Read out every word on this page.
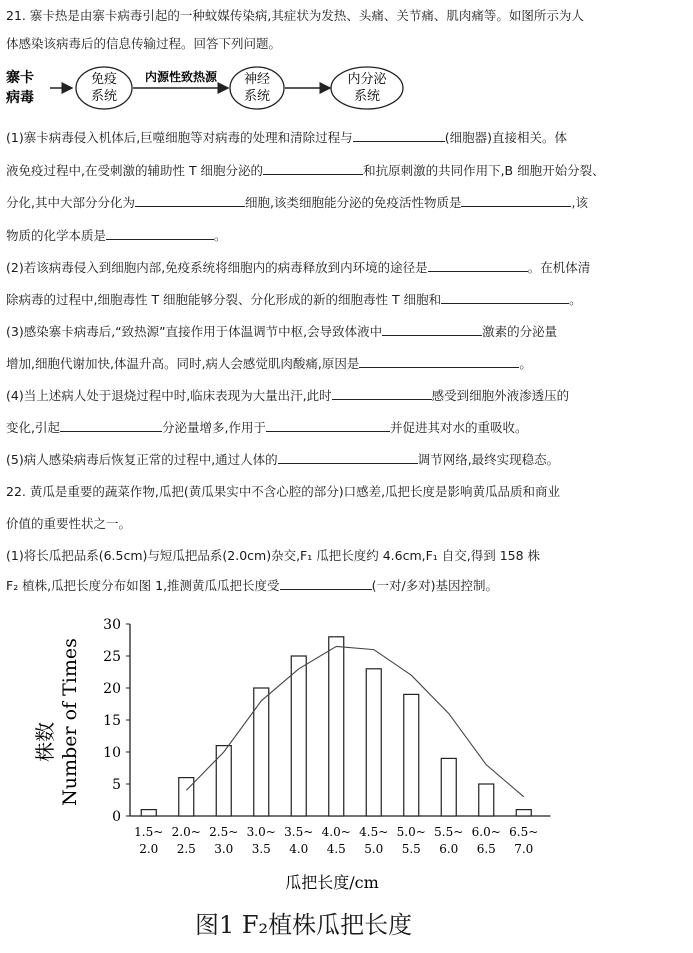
21. 寨卡热是由寨卡病毒引起的一种蚊媒传染病,其症状为发热、头痛、关节痛、肌肉痛等。如图所示为人
体感染该病毒后的信息传输过程。回答下列问题。
寨卡
病毒
免疫
系统
内源性致热源 神经
系统
内分泌
系统
(1)寨卡病毒侵入机体后,巨噬细胞等对病毒的处理和清除过程与	(细胞器)直接相关。体
液免疫过程中,在受刺激的辅助性 T 细胞分泌的	和抗原刺激的共同作用下,B 细胞开始分裂、
分化,其中大部分分化为	细胞,该类细胞能分泌的免疫活性物质是	,该
物质的化学本质是	。
(2)若该病毒侵入到细胞内部,免疫系统将细胞内的病毒释放到内环境的途径是	。在机体清
除病毒的过程中,细胞毒性 T 细胞能够分裂、分化形成的新的细胞毒性 T 细胞和	。
(3)感染寨卡病毒后,“致热源”直接作用于体温调节中枢,会导致体液中	激素的分泌量
增加,细胞代谢加快,体温升高。同时,病人会感觉肌肉酸痛,原因是	。
(4)当上述病人处于退烧过程中时,临床表现为大量出汗,此时	感受到细胞外液渗透压的
变化,引起	分泌量增多,作用于	并促进其对水的重吸收。
(5)病人感染病毒后恢复正常的过程中,通过人体的	调节网络,最终实现稳态。
22. 黄瓜是重要的蔬菜作物,瓜把(黄瓜果实中不含心腔的部分)口感差,瓜把长度是影响黄瓜品质和商业
价值的重要性状之一。
(1)将长瓜把品系(6.5cm)与短瓜把品系(2.0cm)杂交,F₁ 瓜把长度约 4.6cm,F₁ 自交,得到 158 株
F₂ 植株,瓜把长度分布如图 1,推测黄瓜瓜把长度受	(一对/多对)基因控制。
0
5
10
15
20
25
30
1.5~
2.0
2.0~
2.5
2.5~
3.0
3.0~
3.5
3.5~
4.0
4.0~
4.5
4.5~
5.0
5.0~
5.5
5.5~
6.0
6.0~
6.5
6.5~
7.0
株数 Number of Times
瓜把长度/cm
图1 F₂植株瓜把长度
